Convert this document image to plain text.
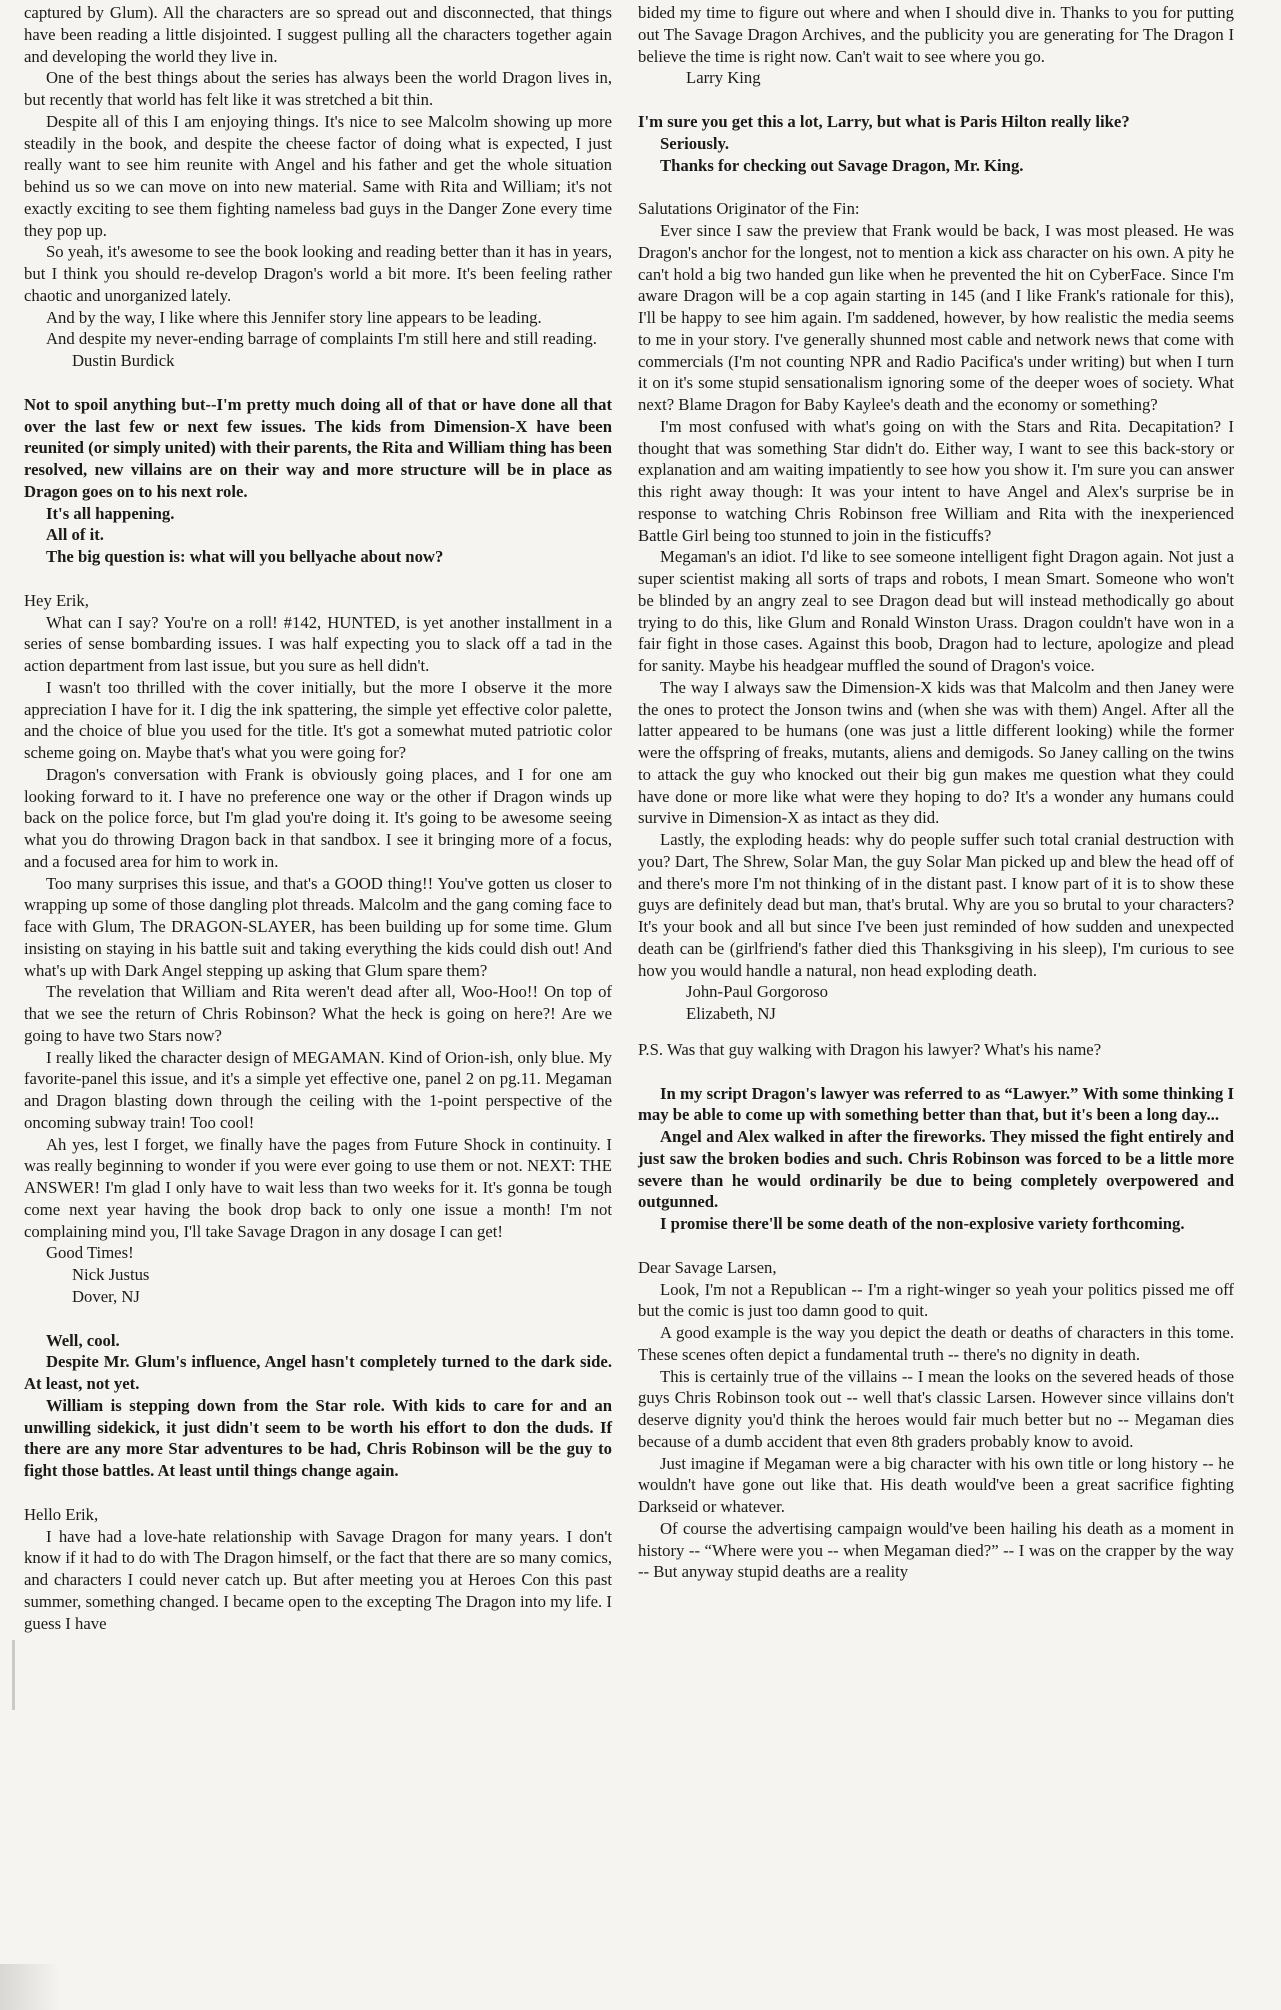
captured by Glum). All the characters are so spread out and disconnected, that things have been reading a little disjointed. I suggest pulling all the characters together again and developing the world they live in.

One of the best things about the series has always been the world Dragon lives in, but recently that world has felt like it was stretched a bit thin.

Despite all of this I am enjoying things. It's nice to see Malcolm showing up more steadily in the book, and despite the cheese factor of doing what is expected, I just really want to see him reunite with Angel and his father and get the whole situation behind us so we can move on into new material. Same with Rita and William; it's not exactly exciting to see them fighting nameless bad guys in the Danger Zone every time they pop up.

So yeah, it's awesome to see the book looking and reading better than it has in years, but I think you should re-develop Dragon's world a bit more. It's been feeling rather chaotic and unorganized lately.

And by the way, I like where this Jennifer story line appears to be leading.

And despite my never-ending barrage of complaints I'm still here and still reading.

Dustin Burdick

Not to spoil anything but--I'm pretty much doing all of that or have done all that over the last few or next few issues. The kids from Dimension-X have been reunited (or simply united) with their parents, the Rita and William thing has been resolved, new villains are on their way and more structure will be in place as Dragon goes on to his next role.

It's all happening.

All of it.

The big question is: what will you bellyache about now?

Hey Erik,

What can I say? You're on a roll! #142, HUNTED, is yet another installment in a series of sense bombarding issues. I was half expecting you to slack off a tad in the action department from last issue, but you sure as hell didn't.

I wasn't too thrilled with the cover initially, but the more I observe it the more appreciation I have for it. I dig the ink spattering, the simple yet effective color palette, and the choice of blue you used for the title. It's got a somewhat muted patriotic color scheme going on. Maybe that's what you were going for?

Dragon's conversation with Frank is obviously going places, and I for one am looking forward to it. I have no preference one way or the other if Dragon winds up back on the police force, but I'm glad you're doing it. It's going to be awesome seeing what you do throwing Dragon back in that sandbox. I see it bringing more of a focus, and a focused area for him to work in.

Too many surprises this issue, and that's a GOOD thing!! You've gotten us closer to wrapping up some of those dangling plot threads. Malcolm and the gang coming face to face with Glum, The DRAGON-SLAYER, has been building up for some time. Glum insisting on staying in his battle suit and taking everything the kids could dish out! And what's up with Dark Angel stepping up asking that Glum spare them?

The revelation that William and Rita weren't dead after all, Woo-Hoo!! On top of that we see the return of Chris Robinson? What the heck is going on here?! Are we going to have two Stars now?

I really liked the character design of MEGAMAN. Kind of Orion-ish, only blue. My favorite-panel this issue, and it's a simple yet effective one, panel 2 on pg.11. Megaman and Dragon blasting down through the ceiling with the 1-point perspective of the oncoming subway train! Too cool!

Ah yes, lest I forget, we finally have the pages from Future Shock in continuity. I was really beginning to wonder if you were ever going to use them or not. NEXT: THE ANSWER! I'm glad I only have to wait less than two weeks for it. It's gonna be tough come next year having the book drop back to only one issue a month! I'm not complaining mind you, I'll take Savage Dragon in any dosage I can get!

Good Times!

Nick Justus

Dover, NJ

Well, cool.

Despite Mr. Glum's influence, Angel hasn't completely turned to the dark side. At least, not yet.

William is stepping down from the Star role. With kids to care for and an unwilling sidekick, it just didn't seem to be worth his effort to don the duds. If there are any more Star adventures to be had, Chris Robinson will be the guy to fight those battles. At least until things change again.

Hello Erik,

I have had a love-hate relationship with Savage Dragon for many years. I don't know if it had to do with The Dragon himself, or the fact that there are so many comics, and characters I could never catch up. But after meeting you at Heroes Con this past summer, something changed. I became open to the excepting The Dragon into my life. I guess I have

bided my time to figure out where and when I should dive in. Thanks to you for putting out The Savage Dragon Archives, and the publicity you are generating for The Dragon I believe the time is right now. Can't wait to see where you go.

Larry King

I'm sure you get this a lot, Larry, but what is Paris Hilton really like?

Seriously.

Thanks for checking out Savage Dragon, Mr. King.

Salutations Originator of the Fin:

Ever since I saw the preview that Frank would be back, I was most pleased. He was Dragon's anchor for the longest, not to mention a kick ass character on his own. A pity he can't hold a big two handed gun like when he prevented the hit on CyberFace. Since I'm aware Dragon will be a cop again starting in 145 (and I like Frank's rationale for this), I'll be happy to see him again. I'm saddened, however, by how realistic the media seems to me in your story. I've generally shunned most cable and network news that come with commercials (I'm not counting NPR and Radio Pacifica's under writing) but when I turn it on it's some stupid sensationalism ignoring some of the deeper woes of society. What next? Blame Dragon for Baby Kaylee's death and the economy or something?

I'm most confused with what's going on with the Stars and Rita. Decapitation? I thought that was something Star didn't do. Either way, I want to see this back-story or explanation and am waiting impatiently to see how you show it. I'm sure you can answer this right away though: It was your intent to have Angel and Alex's surprise be in response to watching Chris Robinson free William and Rita with the inexperienced Battle Girl being too stunned to join in the fisticuffs?

Megaman's an idiot. I'd like to see someone intelligent fight Dragon again. Not just a super scientist making all sorts of traps and robots, I mean Smart. Someone who won't be blinded by an angry zeal to see Dragon dead but will instead methodically go about trying to do this, like Glum and Ronald Winston Urass. Dragon couldn't have won in a fair fight in those cases. Against this boob, Dragon had to lecture, apologize and plead for sanity. Maybe his headgear muffled the sound of Dragon's voice.

The way I always saw the Dimension-X kids was that Malcolm and then Janey were the ones to protect the Jonson twins and (when she was with them) Angel. After all the latter appeared to be humans (one was just a little different looking) while the former were the offspring of freaks, mutants, aliens and demigods. So Janey calling on the twins to attack the guy who knocked out their big gun makes me question what they could have done or more like what were they hoping to do? It's a wonder any humans could survive in Dimension-X as intact as they did.

Lastly, the exploding heads: why do people suffer such total cranial destruction with you? Dart, The Shrew, Solar Man, the guy Solar Man picked up and blew the head off of and there's more I'm not thinking of in the distant past. I know part of it is to show these guys are definitely dead but man, that's brutal. Why are you so brutal to your characters? It's your book and all but since I've been just reminded of how sudden and unexpected death can be (girlfriend's father died this Thanksgiving in his sleep), I'm curious to see how you would handle a natural, non head exploding death.

John-Paul Gorgoroso

Elizabeth, NJ

P.S. Was that guy walking with Dragon his lawyer? What's his name?

In my script Dragon's lawyer was referred to as “Lawyer.” With some thinking I may be able to come up with something better than that, but it's been a long day...

Angel and Alex walked in after the fireworks. They missed the fight entirely and just saw the broken bodies and such. Chris Robinson was forced to be a little more severe than he would ordinarily be due to being completely overpowered and outgunned.

I promise there'll be some death of the non-explosive variety forthcoming.

Dear Savage Larsen,

Look, I'm not a Republican -- I'm a right-winger so yeah your politics pissed me off but the comic is just too damn good to quit.

A good example is the way you depict the death or deaths of characters in this tome. These scenes often depict a fundamental truth -- there's no dignity in death.

This is certainly true of the villains -- I mean the looks on the severed heads of those guys Chris Robinson took out -- well that's classic Larsen. However since villains don't deserve dignity you'd think the heroes would fair much better but no -- Megaman dies because of a dumb accident that even 8th graders probably know to avoid.

Just imagine if Megaman were a big character with his own title or long history -- he wouldn't have gone out like that. His death would've been a great sacrifice fighting Darkseid or whatever.

Of course the advertising campaign would've been hailing his death as a moment in history -- “Where were you -- when Megaman died?” -- I was on the crapper by the way -- But anyway stupid deaths are a reality
